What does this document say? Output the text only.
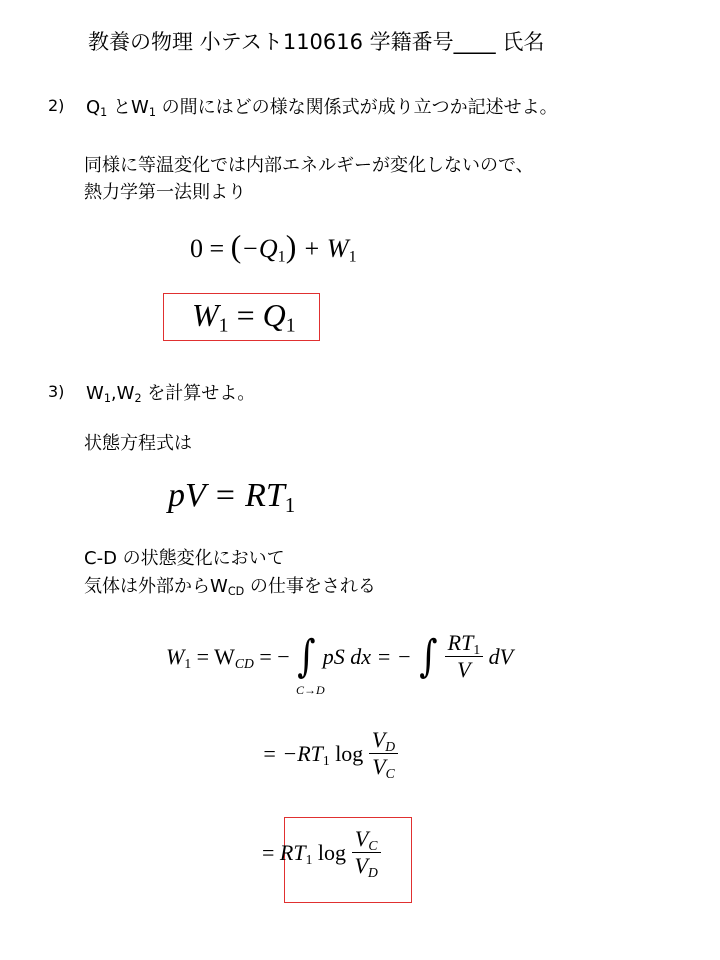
教養の物理 小テスト110616 学籍番号____ 氏名
2) $Q_1$ と$W_1$ の間にはどの様な関係式が成り立つか記述せよ。
同様に等温変化では内部エネルギーが変化しないので、
熱力学第一法則より
$0 = (-Q_1) + W_1$
$W_1 = Q_1$
3) $W_1,W_2$ を計算せよ。
状態方程式は
pV = $RT_1$
C-D の状態変化において
気体は外部から$W_{CD}$ の仕事をされる
$W_1 = W_{CD}$ = − ∫ pS dx = − ∫ $\frac{RT_1}{V}$ dV
C→D
= $-RT_1$ $\log \frac{V_D}{V_C}$
= $RT_1$ $\log \frac{V_C}{V_D}$
